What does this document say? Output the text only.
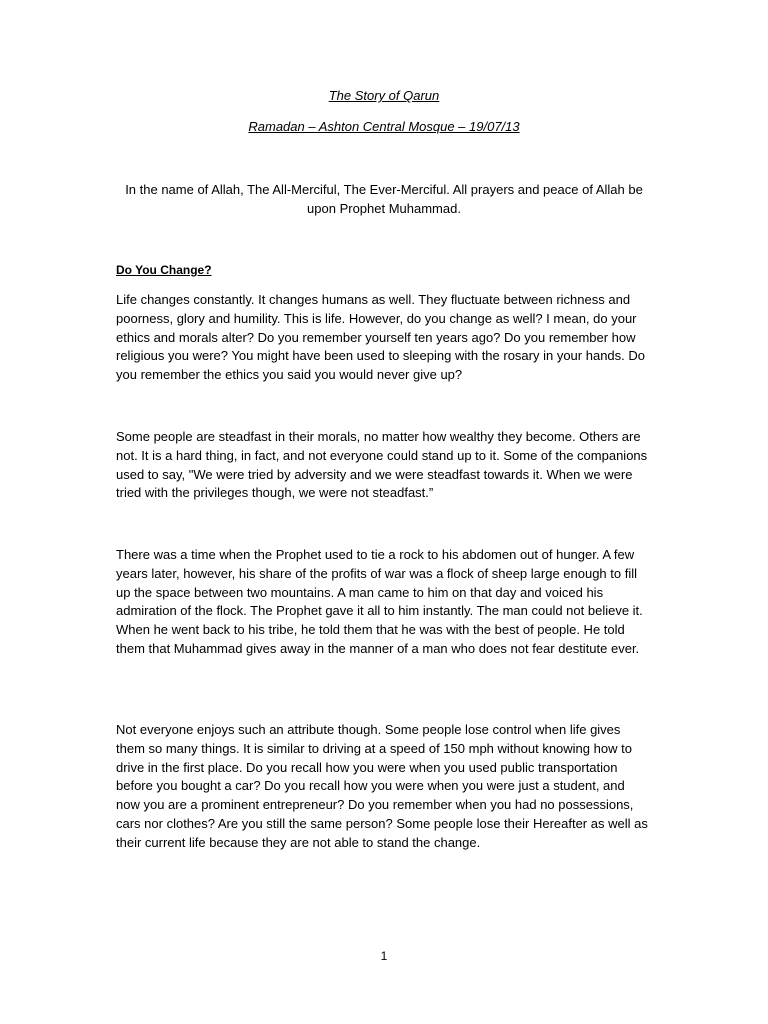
The Story of Qarun
Ramadan – Ashton Central Mosque – 19/07/13
In the name of Allah, The All-Merciful, The Ever-Merciful. All prayers and peace of Allah be upon Prophet Muhammad.
Do You Change?
Life changes constantly. It changes humans as well. They fluctuate between richness and poorness, glory and humility. This is life. However, do you change as well? I mean, do your ethics and morals alter? Do you remember yourself ten years ago? Do you remember how religious you were? You might have been used to sleeping with the rosary in your hands. Do you remember the ethics you said you would never give up?
Some people are steadfast in their morals, no matter how wealthy they become. Others are not. It is a hard thing, in fact, and not everyone could stand up to it. Some of the companions used to say, "We were tried by adversity and we were steadfast towards it. When we were tried with the privileges though, we were not steadfast.”
There was a time when the Prophet used to tie a rock to his abdomen out of hunger. A few years later, however, his share of the profits of war was a flock of sheep large enough to fill up the space between two mountains. A man came to him on that day and voiced his admiration of the flock. The Prophet gave it all to him instantly. The man could not believe it. When he went back to his tribe, he told them that he was with the best of people. He told them that Muhammad gives away in the manner of a man who does not fear destitute ever.
Not everyone enjoys such an attribute though. Some people lose control when life gives them so many things. It is similar to driving at a speed of 150 mph without knowing how to drive in the first place. Do you recall how you were when you used public transportation before you bought a car? Do you recall how you were when you were just a student, and now you are a prominent entrepreneur? Do you remember when you had no possessions, cars nor clothes? Are you still the same person? Some people lose their Hereafter as well as their current life because they are not able to stand the change.
1
